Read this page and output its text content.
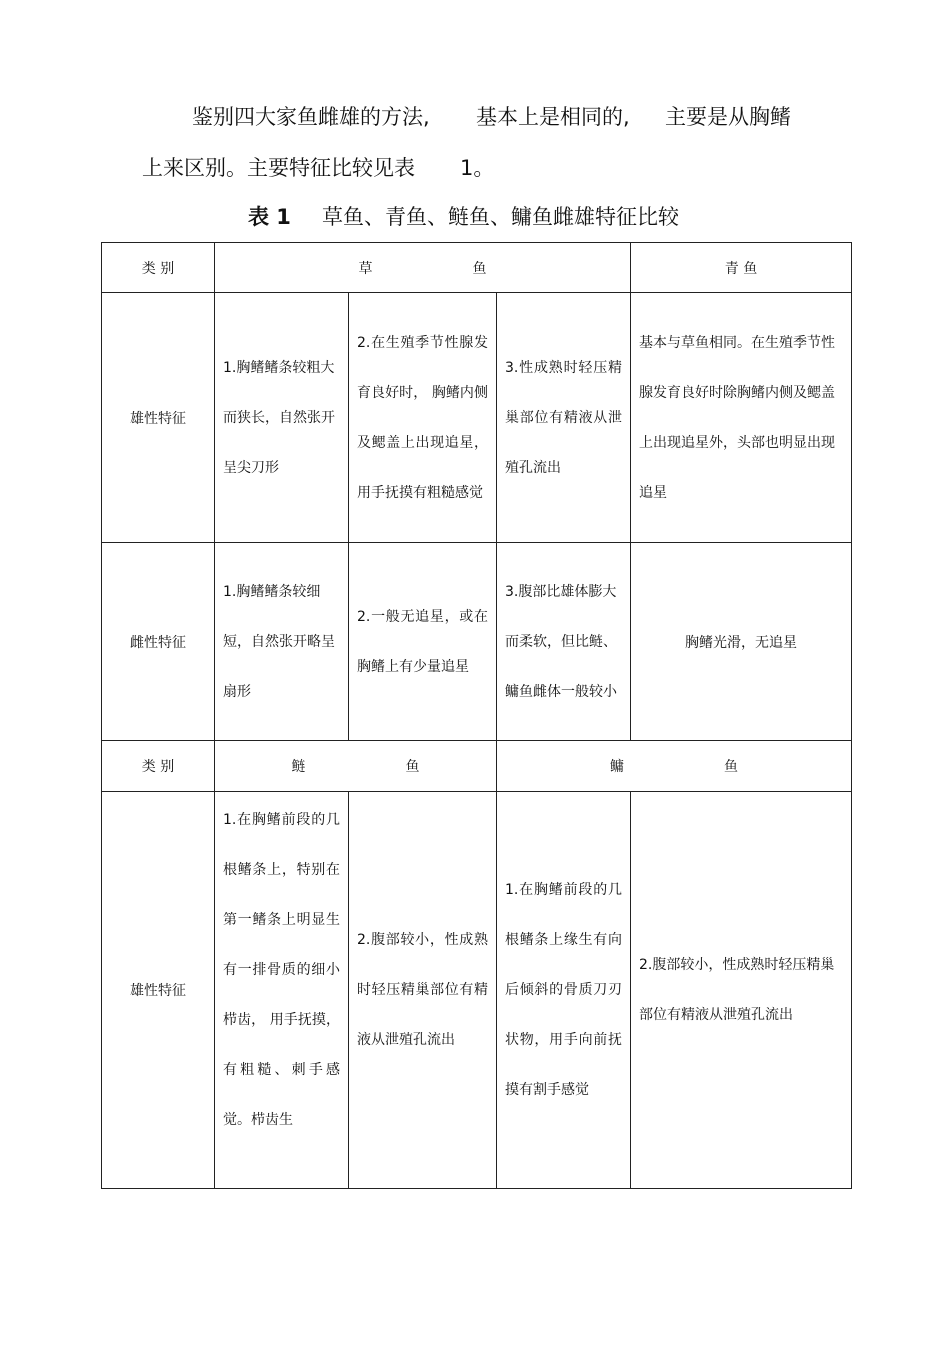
鉴别四大家鱼雌雄的方法, 基本上是相同的, 主要是从胸鳍
上来区别。主要特征比较见表 1。
表 1 草鱼、青鱼、鲢鱼、鳙鱼雌雄特征比较
类 别	草 鱼			青 鱼
雄性特征	1.胸鳍鳍条较粗大而狭长，自然张开呈尖刀形	2.在生殖季节性腺发育良好时， 胸鳍内侧及鳃盖上出现追星， 用手抚摸有粗糙感觉	3.性成熟时轻压精巢部位有精液从泄殖孔流出	基本与草鱼相同。在生殖季节性腺发育良好时除胸鳍内侧及鳃盖上出现追星外，头部也明显出现追星
雌性特征	1.胸鳍鳍条较细短，自然张开略呈扇形	2.一般无追星，或在胸鳍上有少量追星	3.腹部比雄体膨大而柔软，但比鲢、鳙鱼雌体一般较小	胸鳍光滑，无追星
类 别	鲢 鱼		鳙 鱼	
雄性特征	1.在胸鳍前段的几根鳍条上，特别在第一鳍条上明显生有一排骨质的细小栉齿， 用手抚摸，有粗糙、刺手感觉。栉齿生	2.腹部较小，性成熟时轻压精巢部位有精液从泄殖孔流出	1.在胸鳍前段的几根鳍条上缘生有向后倾斜的骨质刀刃状物，用手向前抚摸有割手感觉	2.腹部较小，性成熟时轻压精巢部位有精液从泄殖孔流出
